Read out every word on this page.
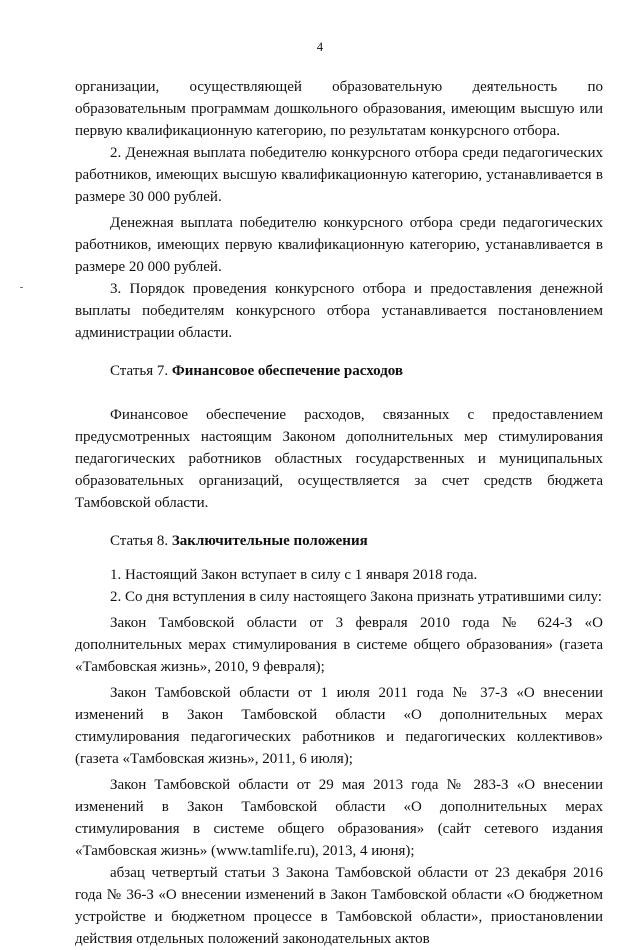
4

организации, осуществляющей образовательную деятельность по образовательным программам дошкольного образования, имеющим высшую или первую квалификационную категорию, по результатам конкурсного отбора.

2. Денежная выплата победителю конкурсного отбора среди педагогических работников, имеющих высшую квалификационную категорию, устанавливается в размере 30 000 рублей.

Денежная выплата победителю конкурсного отбора среди педагогических работников, имеющих первую квалификационную категорию, устанавливается в размере 20 000 рублей.

3. Порядок проведения конкурсного отбора и предоставления денежной выплаты победителям конкурсного отбора устанавливается постановлением администрации области.

Статья 7. Финансовое обеспечение расходов

Финансовое обеспечение расходов, связанных с предоставлением предусмотренных настоящим Законом дополнительных мер стимулирования педагогических работников областных государственных и муниципальных образовательных организаций, осуществляется за счет средств бюджета Тамбовской области.

Статья 8. Заключительные положения

1. Настоящий Закон вступает в силу с 1 января 2018 года.

2. Со дня вступления в силу настоящего Закона признать утратившими силу:

Закон Тамбовской области от 3 февраля 2010 года № 624-З «О дополнительных мерах стимулирования в системе общего образования» (газета «Тамбовская жизнь», 2010, 9 февраля);

Закон Тамбовской области от 1 июля 2011 года № 37-З «О внесении изменений в Закон Тамбовской области «О дополнительных мерах стимулирования педагогических работников и педагогических коллективов» (газета «Тамбовская жизнь», 2011, 6 июля);

Закон Тамбовской области от 29 мая 2013 года № 283-З «О внесении изменений в Закон Тамбовской области «О дополнительных мерах стимулирования в системе общего образования» (сайт сетевого издания «Тамбовская жизнь» (www.tamlife.ru), 2013, 4 июня);

абзац четвертый статьи 3 Закона Тамбовской области от 23 декабря 2016 года № 36-З «О внесении изменений в Закон Тамбовской области «О бюджетном устройстве и бюджетном процессе в Тамбовской области», приостановлении действия отдельных положений законодательных актов
